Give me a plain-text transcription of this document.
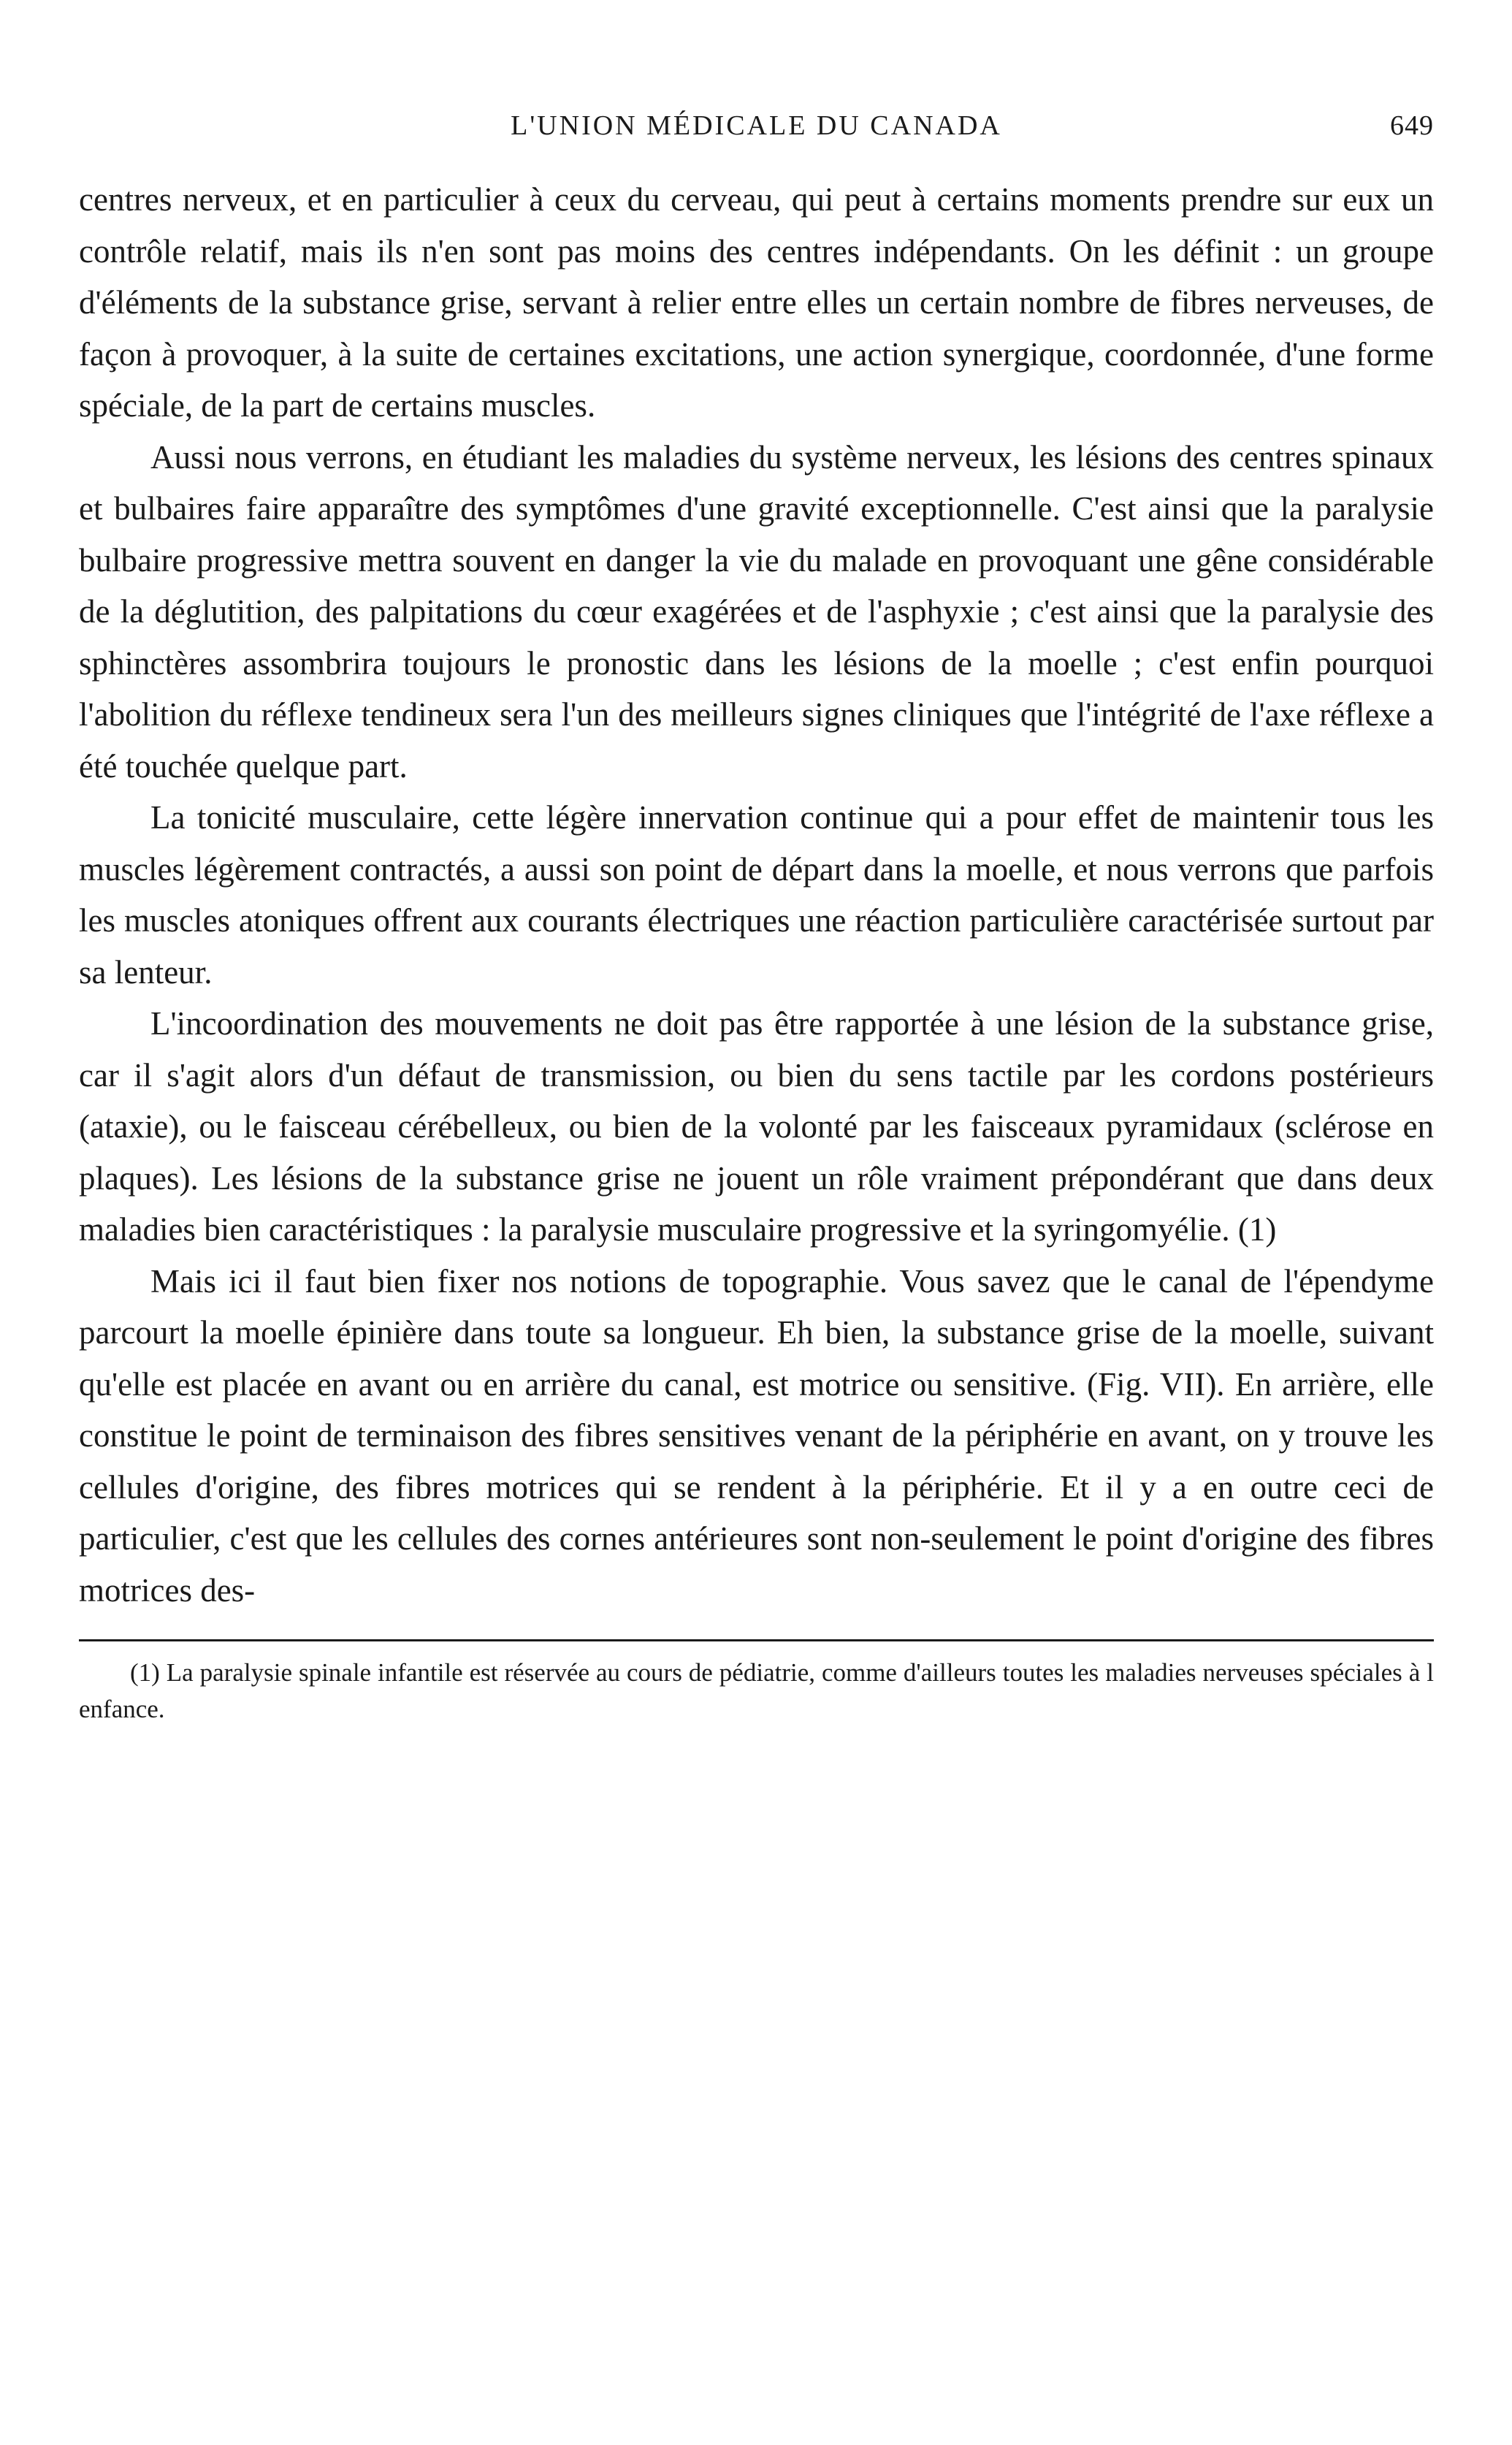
L'UNION MÉDICALE DU CANADA	649

centres nerveux, et en particulier à ceux du cerveau, qui peut à certains moments prendre sur eux un contrôle relatif, mais ils n'en sont pas moins des centres indépendants. On les définit : un groupe d'éléments de la substance grise, servant à relier entre elles un certain nombre de fibres nerveuses, de façon à provoquer, à la suite de certaines excitations, une action synergique, coordonnée, d'une forme spéciale, de la part de certains muscles.

Aussi nous verrons, en étudiant les maladies du système nerveux, les lésions des centres spinaux et bulbaires faire apparaître des symptômes d'une gravité exceptionnelle. C'est ainsi que la paralysie bulbaire progressive mettra souvent en danger la vie du malade en provoquant une gêne considérable de la déglutition, des palpitations du cœur exagérées et de l'asphyxie ; c'est ainsi que la paralysie des sphinctères assombrira toujours le pronostic dans les lésions de la moelle ; c'est enfin pourquoi l'abolition du réflexe tendineux sera l'un des meilleurs signes cliniques que l'intégrité de l'axe réflexe a été touchée quelque part.

La tonicité musculaire, cette légère innervation continue qui a pour effet de maintenir tous les muscles légèrement contractés, a aussi son point de départ dans la moelle, et nous verrons que parfois les muscles atoniques offrent aux courants électriques une réaction particulière caractérisée surtout par sa lenteur.

L'incoordination des mouvements ne doit pas être rapportée à une lésion de la substance grise, car il s'agit alors d'un défaut de transmission, ou bien du sens tactile par les cordons postérieurs (ataxie), ou le faisceau cérébelleux, ou bien de la volonté par les faisceaux pyramidaux (sclérose en plaques). Les lésions de la substance grise ne jouent un rôle vraiment prépondérant que dans deux maladies bien caractéristiques : la paralysie musculaire progressive et la syringomyélie. (1)

Mais ici il faut bien fixer nos notions de topographie. Vous savez que le canal de l'épendyme parcourt la moelle épinière dans toute sa longueur. Eh bien, la substance grise de la moelle, suivant qu'elle est placée en avant ou en arrière du canal, est motrice ou sensitive. (Fig. VII). En arrière, elle constitue le point de terminaison des fibres sensitives venant de la périphérie en avant, on y trouve les cellules d'origine, des fibres motrices qui se rendent à la périphérie. Et il y a en outre ceci de particulier, c'est que les cellules des cornes antérieures sont non-seulement le point d'origine des fibres motrices des-

(1) La paralysie spinale infantile est réservée au cours de pédiatrie, comme d'ailleurs toutes les maladies nerveuses spéciales à l enfance.
